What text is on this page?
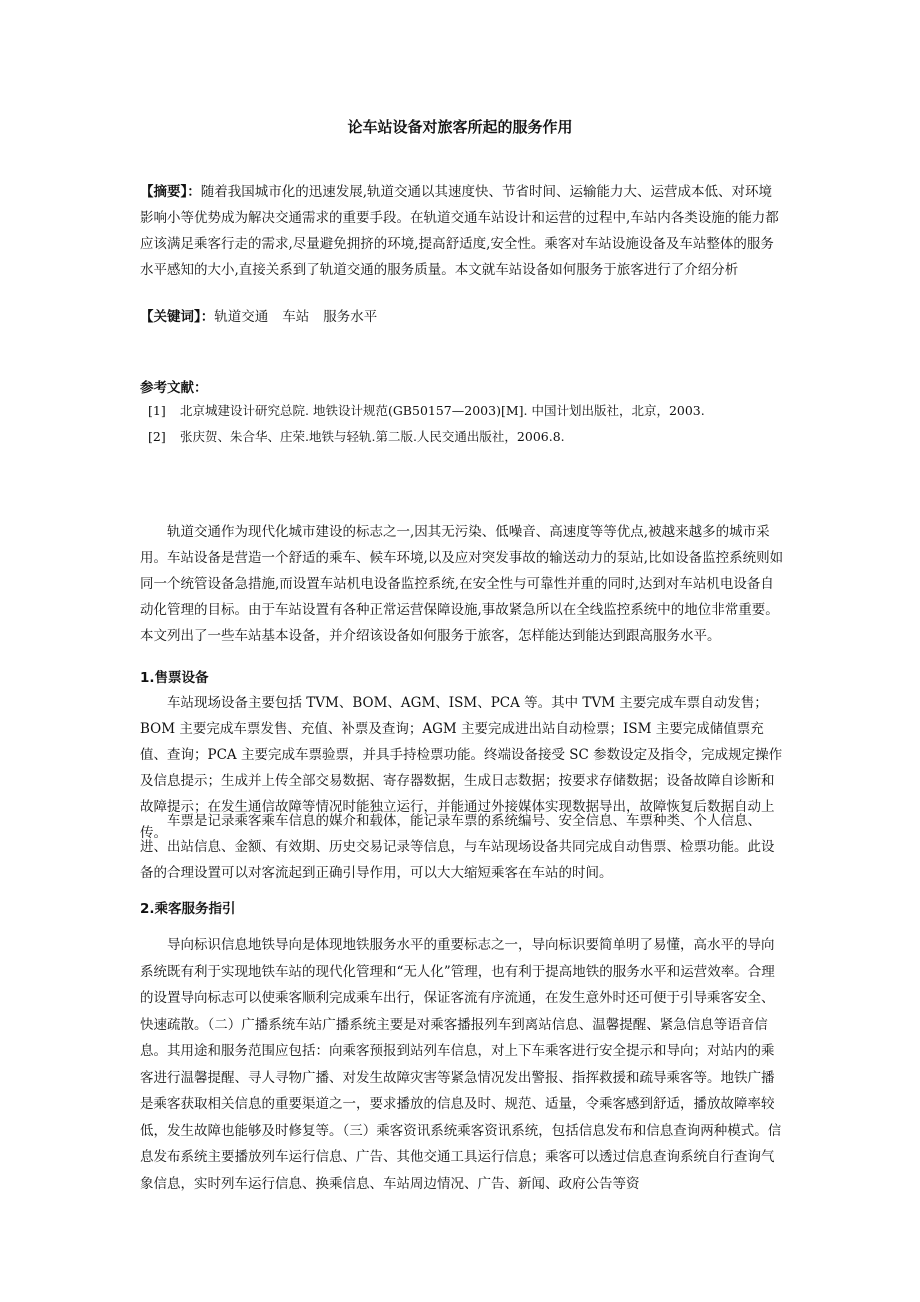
论车站设备对旅客所起的服务作用
【摘要】：随着我国城市化的迅速发展,轨道交通以其速度快、节省时间、运输能力大、运营成本低、对环境影响小等优势成为解决交通需求的重要手段。在轨道交通车站设计和运营的过程中,车站内各类设施的能力都应该满足乘客行走的需求,尽量避免拥挤的环境,提高舒适度,安全性。乘客对车站设施设备及车站整体的服务水平感知的大小,直接关系到了轨道交通的服务质量。本文就车站设备如何服务于旅客进行了介绍分析
【关键词】：轨道交通 车站 服务水平
参考文献：
[1] 北京城建设计研究总院. 地铁设计规范(GB50157—2003)[M]. 中国计划出版社，北京，2003.
[2] 张庆贺、朱合华、庄荣.地铁与轻轨.第二版.人民交通出版社，2006.8.
轨道交通作为现代化城市建设的标志之一,因其无污染、低噪音、高速度等等优点,被越来越多的城市采用。车站设备是营造一个舒适的乘车、候车环境,以及应对突发事故的输送动力的泵站,比如设备监控系统则如同一个统管设备急措施,而设置车站机电设备监控系统,在安全性与可靠性并重的同时,达到对车站机电设备自动化管理的目标。由于车站设置有各种正常运营保障设施,事故紧急所以在全线监控系统中的地位非常重要。本文列出了一些车站基本设备，并介绍该设备如何服务于旅客，怎样能达到能达到跟高服务水平。
1.售票设备
车站现场设备主要包括 TVM、BOM、AGM、ISM、PCA 等。其中 TVM 主要完成车票自动发售；BOM 主要完成车票发售、充值、补票及查询；AGM 主要完成进出站自动检票；ISM 主要完成储值票充值、查询；PCA 主要完成车票验票，并具手持检票功能。终端设备接受 SC 参数设定及指令，完成规定操作及信息提示；生成并上传全部交易数据、寄存器数据，生成日志数据；按要求存储数据；设备故障自诊断和故障提示；在发生通信故障等情况时能独立运行，并能通过外接媒体实现数据导出，故障恢复后数据自动上传。
车票是记录乘客乘车信息的媒介和载体，能记录车票的系统编号、安全信息、车票种类、个人信息、进、出站信息、金额、有效期、历史交易记录等信息，与车站现场设备共同完成自动售票、检票功能。此设备的合理设置可以对客流起到正确引导作用，可以大大缩短乘客在车站的时间。
2.乘客服务指引
导向标识信息地铁导向是体现地铁服务水平的重要标志之一，导向标识要简单明了易懂，高水平的导向系统既有利于实现地铁车站的现代化管理和“无人化”管理，也有利于提高地铁的服务水平和运营效率。合理的设置导向标志可以使乘客顺利完成乘车出行，保证客流有序流通，在发生意外时还可便于引导乘客安全、快速疏散。（二）广播系统车站广播系统主要是对乘客播报列车到离站信息、温馨提醒、紧急信息等语音信息。其用途和服务范围应包括：向乘客预报到站列车信息，对上下车乘客进行安全提示和导向；对站内的乘客进行温馨提醒、寻人寻物广播、对发生故障灾害等紧急情况发出警报、指挥救援和疏导乘客等。地铁广播是乘客获取相关信息的重要渠道之一，要求播放的信息及时、规范、适量，令乘客感到舒适，播放故障率较低，发生故障也能够及时修复等。（三）乘客资讯系统乘客资讯系统，包括信息发布和信息查询两种模式。信息发布系统主要播放列车运行信息、广告、其他交通工具运行信息；乘客可以透过信息查询系统自行查询气象信息，实时列车运行信息、换乘信息、车站周边情况、广告、新闻、政府公告等资
